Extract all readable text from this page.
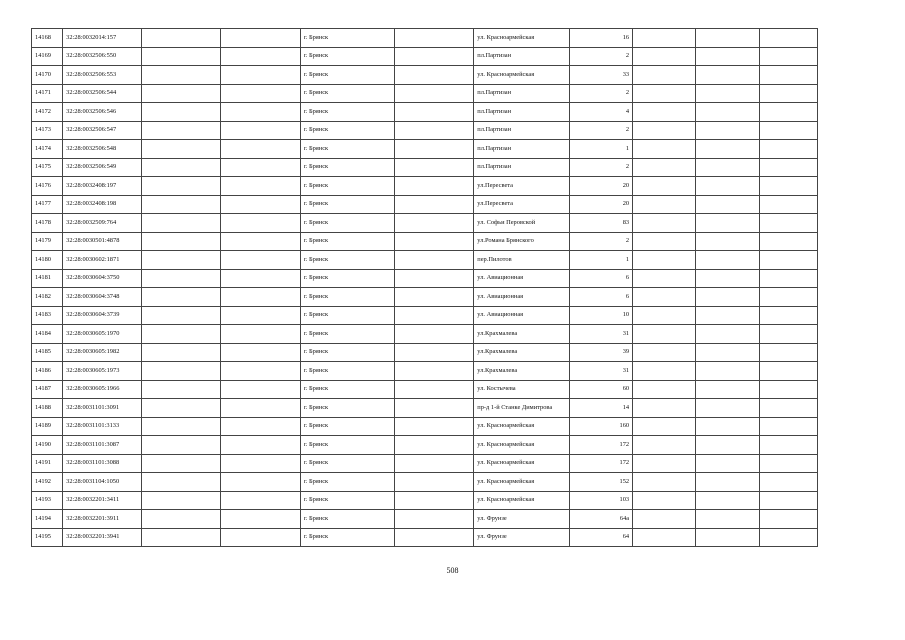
14168	32:28:0032014:157			г. Брянск		ул. Красноармейская	16			
14169	32:28:0032506:550			г. Брянск		пл.Партизан	2			
14170	32:28:0032506:553			г. Брянск		ул. Красноармейская	33			
14171	32:28:0032506:544			г. Брянск		пл.Партизан	2			
14172	32:28:0032506:546			г. Брянск		пл.Партизан	4			
14173	32:28:0032506:547			г. Брянск		пл.Партизан	2			
14174	32:28:0032506:548			г. Брянск		пл.Партизан	1			
14175	32:28:0032506:549			г. Брянск		пл.Партизан	2			
14176	32:28:0032408:197			г. Брянск		ул.Пересвета	20			
14177	32:28:0032408:198			г. Брянск		ул.Пересвета	20			
14178	32:28:0032509:764			г. Брянск		ул. Софьи Перовской	83			
14179	32:28:0030501:4878			г. Брянск		ул.Романа Брянского	2			
14180	32:28:0030602:1871			г. Брянск		пер.Пилотов	1			
14181	32:28:0030604:3750			г. Брянск		ул. Авиационная	6			
14182	32:28:0030604:3748			г. Брянск		ул. Авиационная	6			
14183	32:28:0030604:3739			г. Брянск		ул. Авиационная	10			
14184	32:28:0030605:1970			г. Брянск		ул.Крахмалева	31			
14185	32:28:0030605:1982			г. Брянск		ул.Крахмалева	39			
14186	32:28:0030605:1973			г. Брянск		ул.Крахмалева	31			
14187	32:28:0030605:1966			г. Брянск		ул. Костычева	60			
14188	32:28:0031101:3091			г. Брянск		пр-д 1-й Станке Димитрова	14			
14189	32:28:0031101:3133			г. Брянск		ул. Красноармейская	160			
14190	32:28:0031101:3087			г. Брянск		ул. Красноармейская	172			
14191	32:28:0031101:3088			г. Брянск		ул. Красноармейская	172			
14192	32:28:0031104:1050			г. Брянск		ул. Красноармейская	152			
14193	32:28:0032201:3411			г. Брянск		ул. Красноармейская	103			
14194	32:28:0032201:3911			г. Брянск		ул. Фрунзе	64а			
14195	32:28:0032201:3941			г. Брянск		ул. Фрунзе	64			
508
